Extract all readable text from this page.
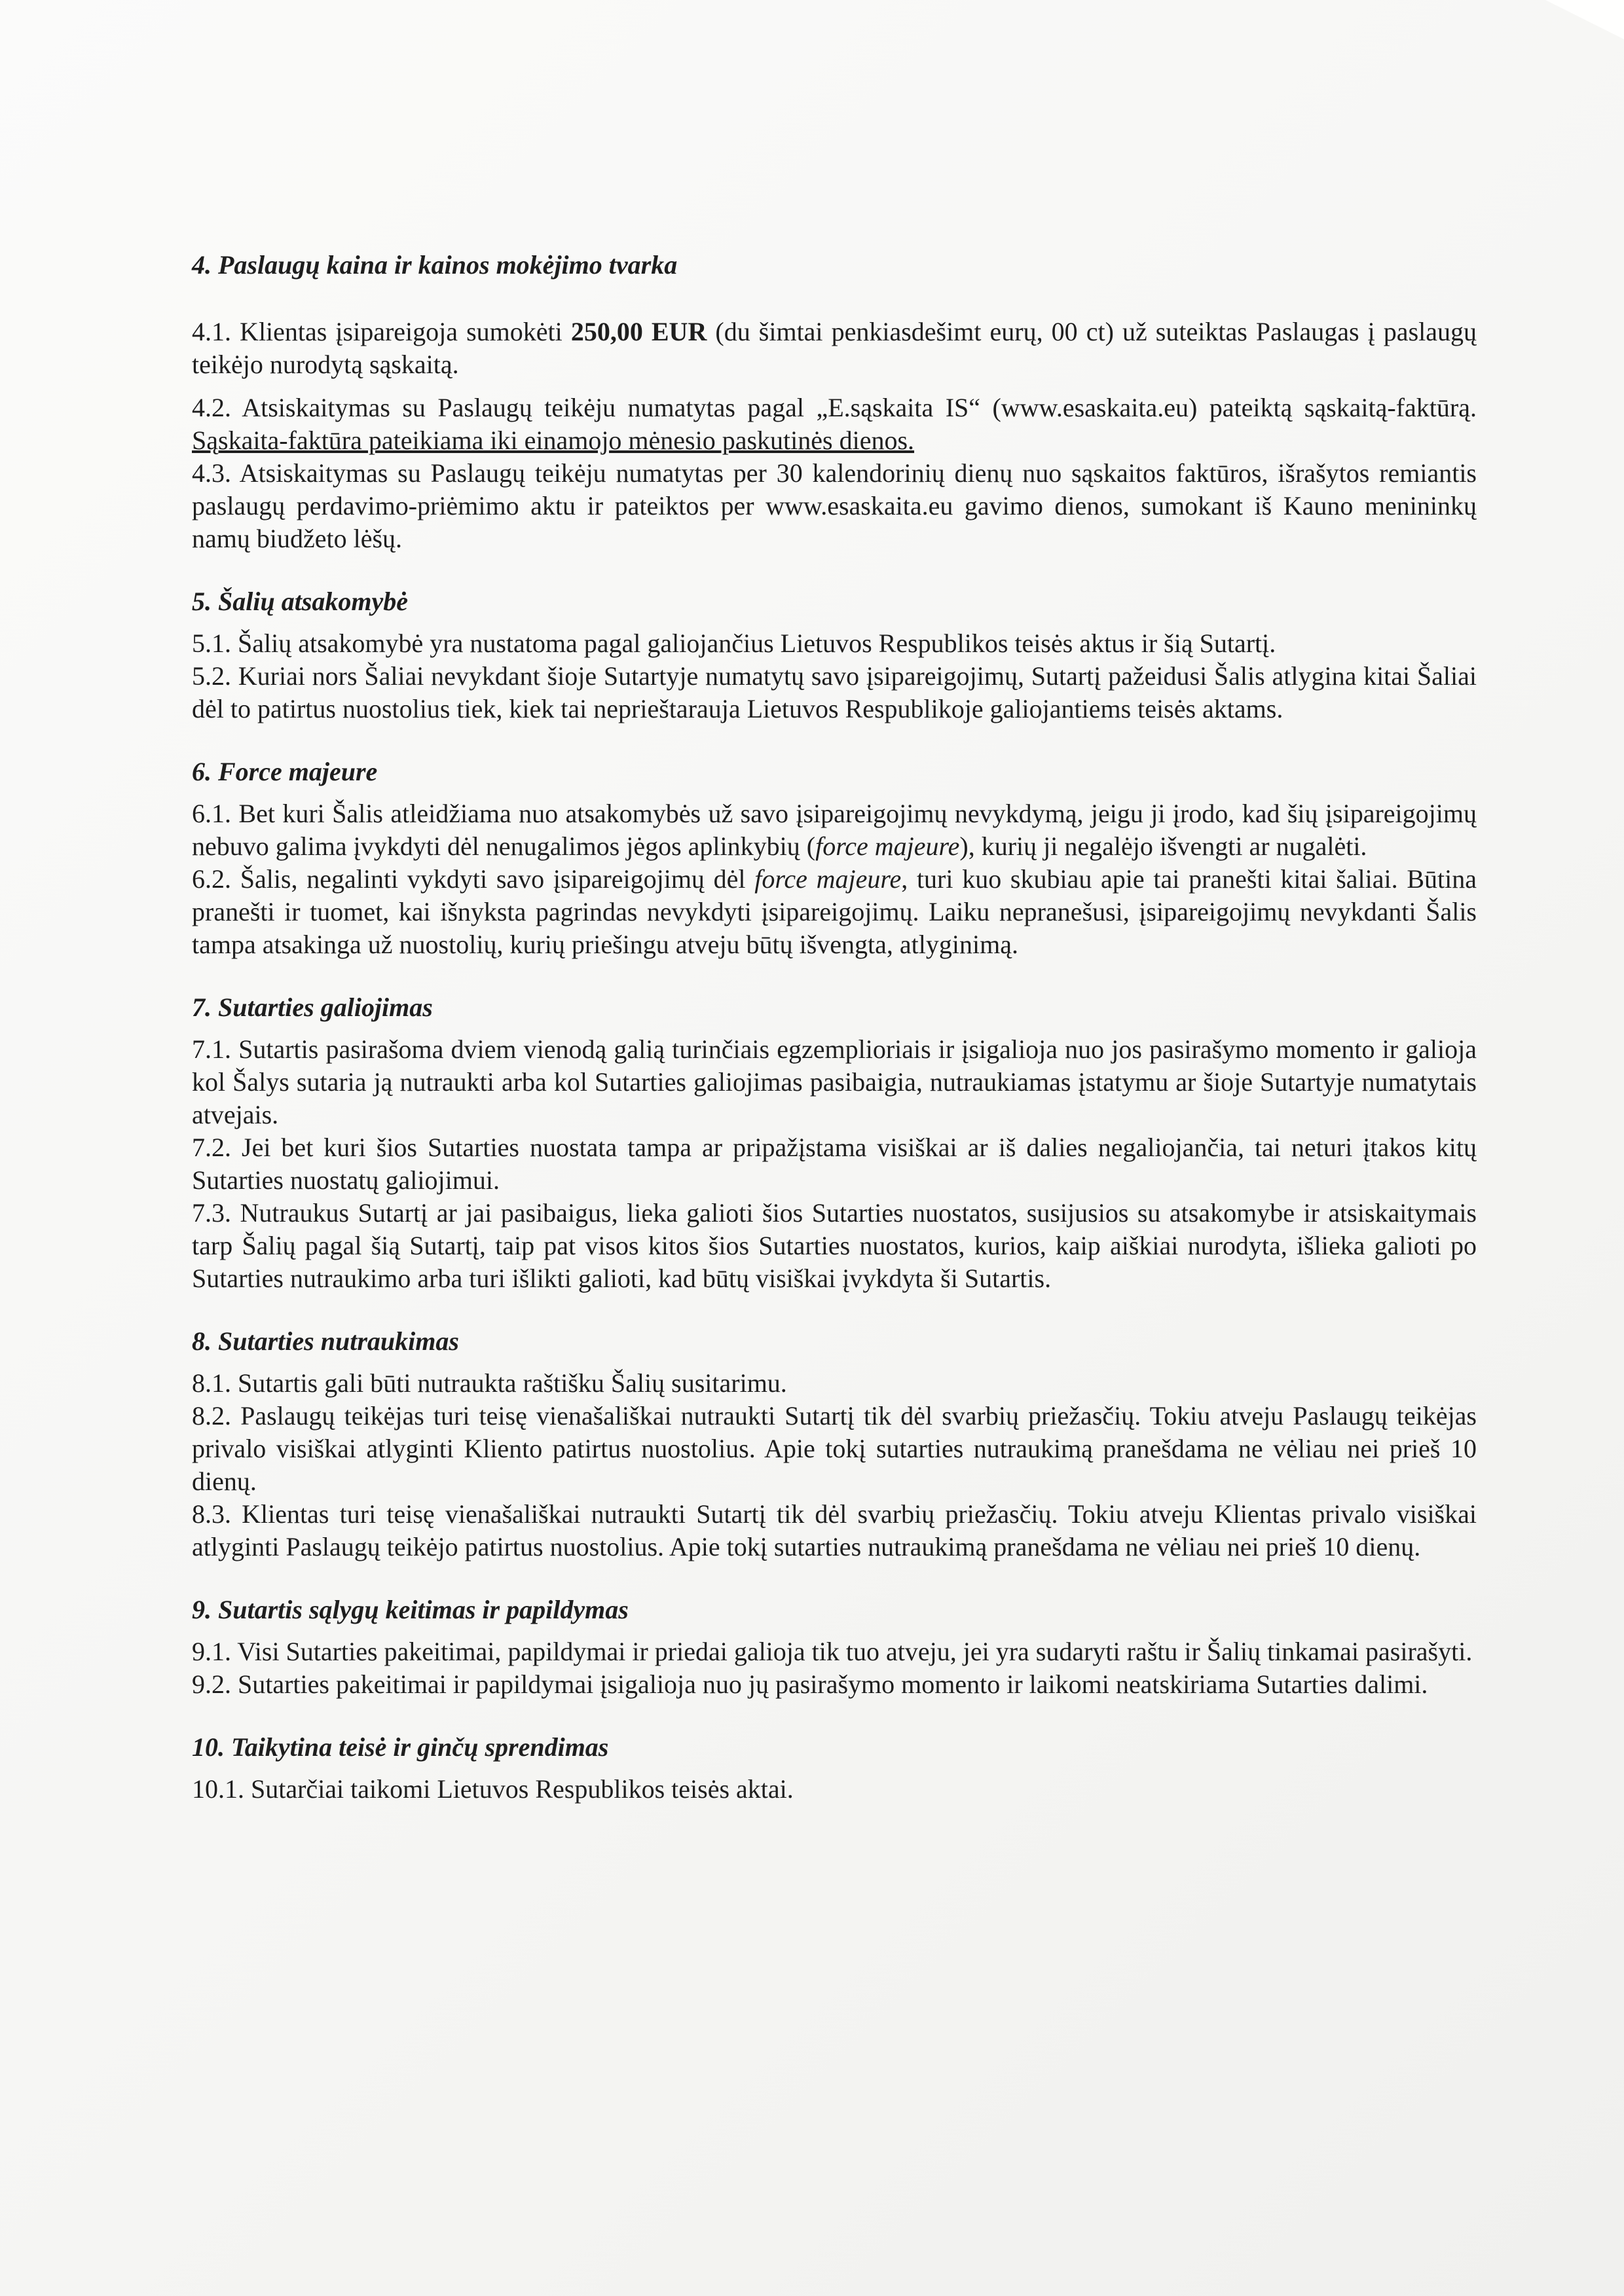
4. Paslaugų kaina ir kainos mokėjimo tvarka

4.1. Klientas įsipareigoja sumokėti 250,00 EUR (du šimtai penkiasdešimt eurų, 00 ct) už suteiktas Paslaugas į paslaugų teikėjo nurodytą sąskaitą.

4.2. Atsiskaitymas su Paslaugų teikėju numatytas pagal „E.sąskaita IS“ (www.esaskaita.eu) pateiktą sąskaitą-faktūrą. Sąskaita-faktūra pateikiama iki einamojo mėnesio paskutinės dienos.

4.3. Atsiskaitymas su Paslaugų teikėju numatytas per 30 kalendorinių dienų nuo sąskaitos faktūros, išrašytos remiantis paslaugų perdavimo-priėmimo aktu ir pateiktos per www.esaskaita.eu gavimo dienos, sumokant iš Kauno menininkų namų biudžeto lėšų.

5. Šalių atsakomybė

5.1. Šalių atsakomybė yra nustatoma pagal galiojančius Lietuvos Respublikos teisės aktus ir šią Sutartį.

5.2. Kuriai nors Šaliai nevykdant šioje Sutartyje numatytų savo įsipareigojimų, Sutartį pažeidusi Šalis atlygina kitai Šaliai dėl to patirtus nuostolius tiek, kiek tai neprieštarauja Lietuvos Respublikoje galiojantiems teisės aktams.

6. Force majeure

6.1. Bet kuri Šalis atleidžiama nuo atsakomybės už savo įsipareigojimų nevykdymą, jeigu ji įrodo, kad šių įsipareigojimų nebuvo galima įvykdyti dėl nenugalimos jėgos aplinkybių (force majeure), kurių ji negalėjo išvengti ar nugalėti.

6.2. Šalis, negalinti vykdyti savo įsipareigojimų dėl force majeure, turi kuo skubiau apie tai pranešti kitai šaliai. Būtina pranešti ir tuomet, kai išnyksta pagrindas nevykdyti įsipareigojimų. Laiku nepranešusi, įsipareigojimų nevykdanti Šalis tampa atsakinga už nuostolių, kurių priešingu atveju būtų išvengta, atlyginimą.

7. Sutarties galiojimas

7.1. Sutartis pasirašoma dviem vienodą galią turinčiais egzemplioriais ir įsigalioja nuo jos pasirašymo momento ir galioja kol Šalys sutaria ją nutraukti arba kol Sutarties galiojimas pasibaigia, nutraukiamas įstatymu ar šioje Sutartyje numatytais atvejais.

7.2. Jei bet kuri šios Sutarties nuostata tampa ar pripažįstama visiškai ar iš dalies negaliojančia, tai neturi įtakos kitų Sutarties nuostatų galiojimui.

7.3. Nutraukus Sutartį ar jai pasibaigus, lieka galioti šios Sutarties nuostatos, susijusios su atsakomybe ir atsiskaitymais tarp Šalių pagal šią Sutartį, taip pat visos kitos šios Sutarties nuostatos, kurios, kaip aiškiai nurodyta, išlieka galioti po Sutarties nutraukimo arba turi išlikti galioti, kad būtų visiškai įvykdyta ši Sutartis.

8. Sutarties nutraukimas

8.1. Sutartis gali būti nutraukta raštišku Šalių susitarimu.

8.2. Paslaugų teikėjas turi teisę vienašališkai nutraukti Sutartį tik dėl svarbių priežasčių. Tokiu atveju Paslaugų teikėjas privalo visiškai atlyginti Kliento patirtus nuostolius. Apie tokį sutarties nutraukimą pranešdama ne vėliau nei prieš 10 dienų.

8.3. Klientas turi teisę vienašališkai nutraukti Sutartį tik dėl svarbių priežasčių. Tokiu atveju Klientas privalo visiškai atlyginti Paslaugų teikėjo patirtus nuostolius. Apie tokį sutarties nutraukimą pranešdama ne vėliau nei prieš 10 dienų.

9. Sutartis sąlygų keitimas ir papildymas

9.1. Visi Sutarties pakeitimai, papildymai ir priedai galioja tik tuo atveju, jei yra sudaryti raštu ir Šalių tinkamai pasirašyti.

9.2. Sutarties pakeitimai ir papildymai įsigalioja nuo jų pasirašymo momento ir laikomi neatskiriama Sutarties dalimi.

10. Taikytina teisė ir ginčų sprendimas

10.1. Sutarčiai taikomi Lietuvos Respublikos teisės aktai.
